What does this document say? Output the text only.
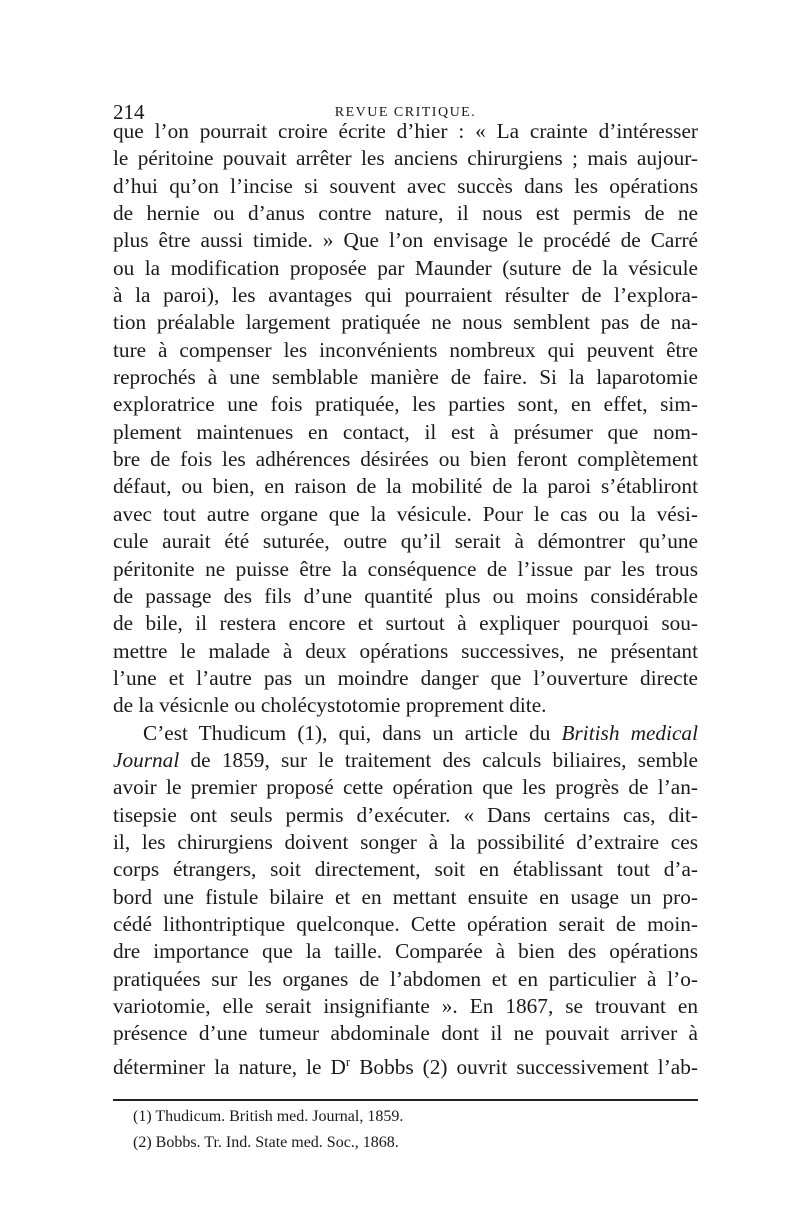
214	REVUE CRITIQUE.
que l’on pourrait croire écrite d’hier : « La crainte d’intéresser
le péritoine pouvait arrêter les anciens chirurgiens ; mais aujour-
d’hui qu’on l’incise si souvent avec succès dans les opérations
de hernie ou d’anus contre nature, il nous est permis de ne
plus être aussi timide. » Que l’on envisage le procédé de Carré
ou la modification proposée par Maunder (suture de la vésicule
à la paroi), les avantages qui pourraient résulter de l’explora-
tion préalable largement pratiquée ne nous semblent pas de na-
ture à compenser les inconvénients nombreux qui peuvent être
reprochés à une semblable manière de faire. Si la laparotomie
exploratrice une fois pratiquée, les parties sont, en effet, sim-
plement maintenues en contact, il est à présumer que nom-
bre de fois les adhérences désirées ou bien feront complètement
défaut, ou bien, en raison de la mobilité de la paroi s’établiront
avec tout autre organe que la vésicule. Pour le cas ou la vési-
cule aurait été suturée, outre qu’il serait à démontrer qu’une
péritonite ne puisse être la conséquence de l’issue par les trous
de passage des fils d’une quantité plus ou moins considérable
de bile, il restera encore et surtout à expliquer pourquoi sou-
mettre le malade à deux opérations successives, ne présentant
l’une et l’autre pas un moindre danger que l’ouverture directe
de la vésicnle ou cholécystotomie proprement dite.
C’est Thudicum (1), qui, dans un article du British medical
Journal de 1859, sur le traitement des calculs biliaires, semble
avoir le premier proposé cette opération que les progrès de l’an-
tisepsie ont seuls permis d’exécuter. « Dans certains cas, dit-
il, les chirurgiens doivent songer à la possibilité d’extraire ces
corps étrangers, soit directement, soit en établissant tout d’a-
bord une fistule bilaire et en mettant ensuite en usage un pro-
cédé lithontriptique quelconque. Cette opération serait de moin-
dre importance que la taille. Comparée à bien des opérations
pratiquées sur les organes de l’abdomen et en particulier à l’o-
variotomie, elle serait insignifiante ». En 1867, se trouvant en
présence d’une tumeur abdominale dont il ne pouvait arriver à
déterminer la nature, le $D^r$ Bobbs (2) ouvrit successivement l’ab-
(1) Thudicum. British med. Journal, 1859.
(2) Bobbs. Tr. Ind. State med. Soc., 1868.
